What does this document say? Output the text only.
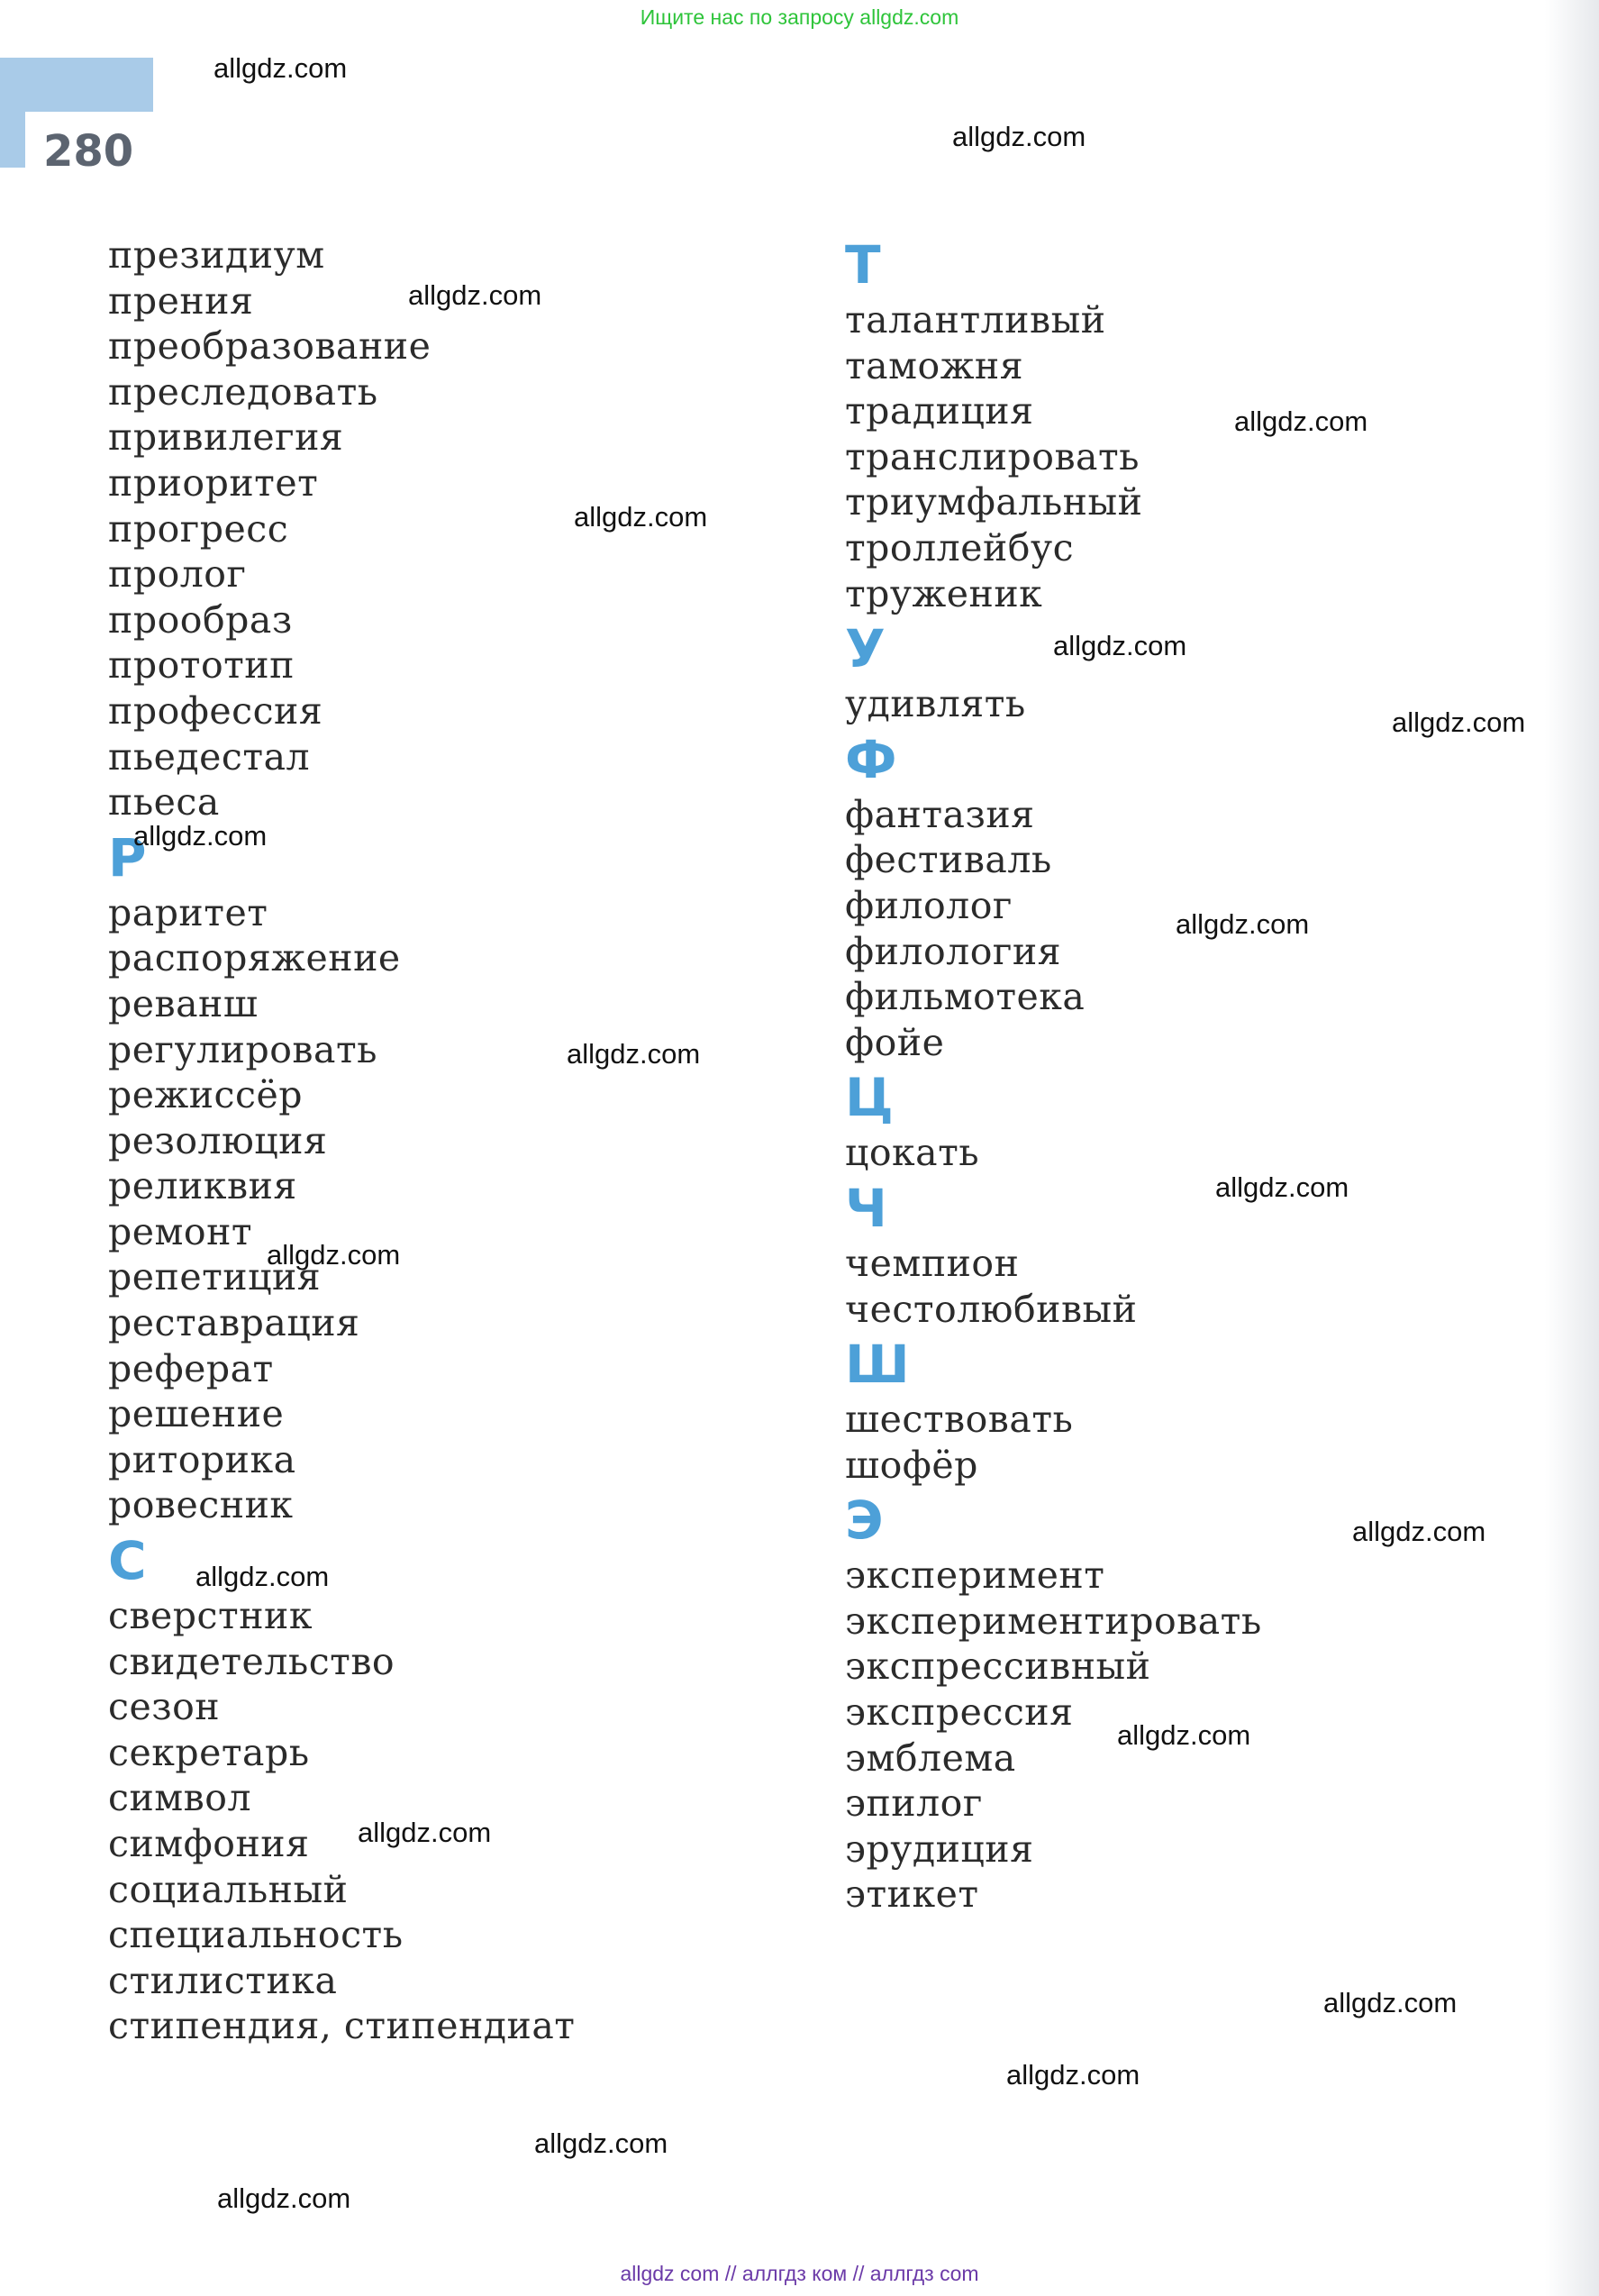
Ищите нас по запросу allgdz.com
280
президиум
прения
преобразование
преследовать
привилегия
приоритет
прогресс
пролог
прообраз
прототип
профессия
пьедестал
пьеса
Р
раритет
распоряжение
реванш
регулировать
режиссёр
резолюция
реликвия
ремонт
репетиция
реставрация
реферат
решение
риторика
ровесник
С
сверстник
свидетельство
сезон
секретарь
символ
симфония
социальный
специальность
стилистика
стипендия, стипендиат
Т
талантливый
таможня
традиция
транслировать
триумфальный
троллейбус
труженик
У
удивлять
Ф
фантазия
фестиваль
филолог
филология
фильмотека
фойе
Ц
цокать
Ч
чемпион
честолюбивый
Ш
шествовать
шофёр
Э
эксперимент
экспериментировать
экспрессивный
экспрессия
эмблема
эпилог
эрудиция
этикет
allgdz.com
allgdz.com
allgdz.com
allgdz.com
allgdz.com
allgdz.com
allgdz.com
allgdz.com
allgdz.com
allgdz.com
allgdz.com
allgdz.com
allgdz.com
allgdz.com
allgdz.com
allgdz.com
allgdz.com
allgdz.com
allgdz.com
allgdz.com
allgdz com // аллгдз ком // аллгдз com
